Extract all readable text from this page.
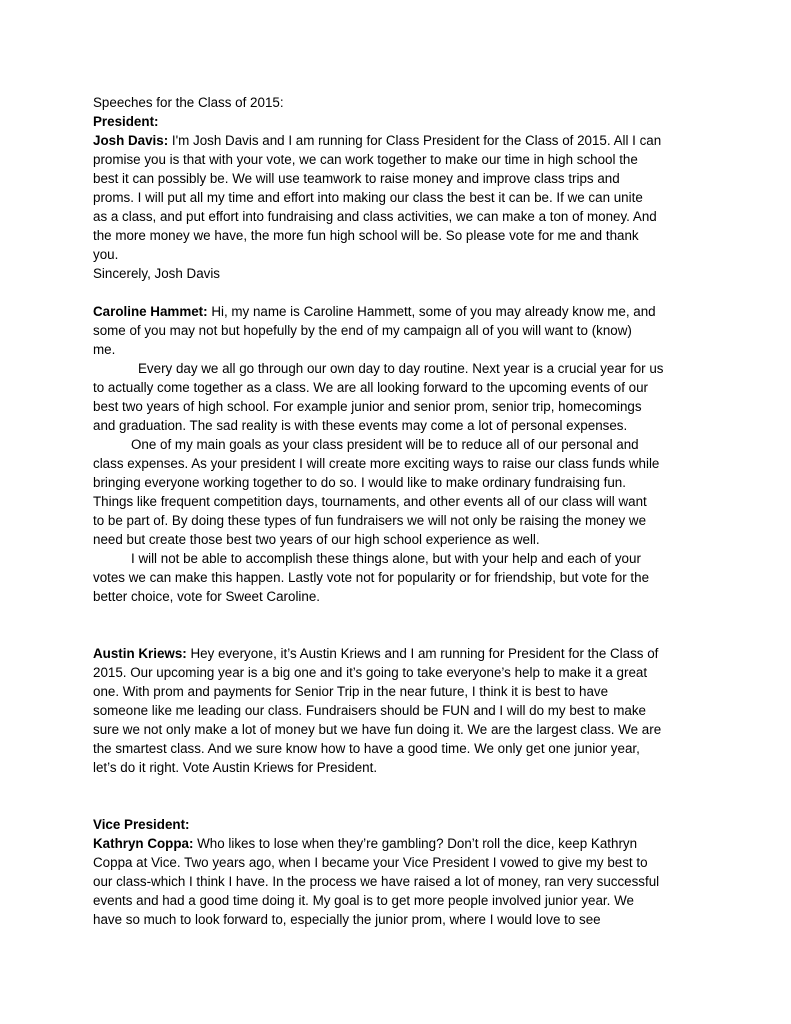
Speeches for the Class of 2015:
President:
Josh Davis: I'm Josh Davis and I am running for Class President for the Class of 2015. All I can
promise you is that with your vote, we can work together to make our time in high school the
best it can possibly be. We will use teamwork to raise money and improve class trips and
proms. I will put all my time and effort into making our class the best it can be. If we can unite
as a class, and put effort into fundraising and class activities, we can make a ton of money. And
the more money we have, the more fun high school will be. So please vote for me and thank
you.
Sincerely, Josh Davis
Caroline Hammet: Hi, my name is Caroline Hammett, some of you may already know me, and
some of you may not but hopefully by the end of my campaign all of you will want to (know)
me.
Every day we all go through our own day to day routine. Next year is a crucial year for us
to actually come together as a class. We are all looking forward to the upcoming events of our
best two years of high school. For example junior and senior prom, senior trip, homecomings
and graduation. The sad reality is with these events may come a lot of personal expenses.
One of my main goals as your class president will be to reduce all of our personal and
class expenses. As your president I will create more exciting ways to raise our class funds while
bringing everyone working together to do so. I would like to make ordinary fundraising fun.
Things like frequent competition days, tournaments, and other events all of our class will want
to be part of. By doing these types of fun fundraisers we will not only be raising the money we
need but create those best two years of our high school experience as well.
I will not be able to accomplish these things alone, but with your help and each of your
votes we can make this happen. Lastly vote not for popularity or for friendship, but vote for the
better choice, vote for Sweet Caroline.
Austin Kriews: Hey everyone, it’s Austin Kriews and I am running for President for the Class of
2015. Our upcoming year is a big one and it’s going to take everyone’s help to make it a great
one. With prom and payments for Senior Trip in the near future, I think it is best to have
someone like me leading our class. Fundraisers should be FUN and I will do my best to make
sure we not only make a lot of money but we have fun doing it. We are the largest class. We are
the smartest class. And we sure know how to have a good time. We only get one junior year,
let’s do it right. Vote Austin Kriews for President.
Vice President:
Kathryn Coppa: Who likes to lose when they’re gambling? Don’t roll the dice, keep Kathryn
Coppa at Vice. Two years ago, when I became your Vice President I vowed to give my best to
our class-which I think I have. In the process we have raised a lot of money, ran very successful
events and had a good time doing it. My goal is to get more people involved junior year. We
have so much to look forward to, especially the junior prom, where I would love to see
